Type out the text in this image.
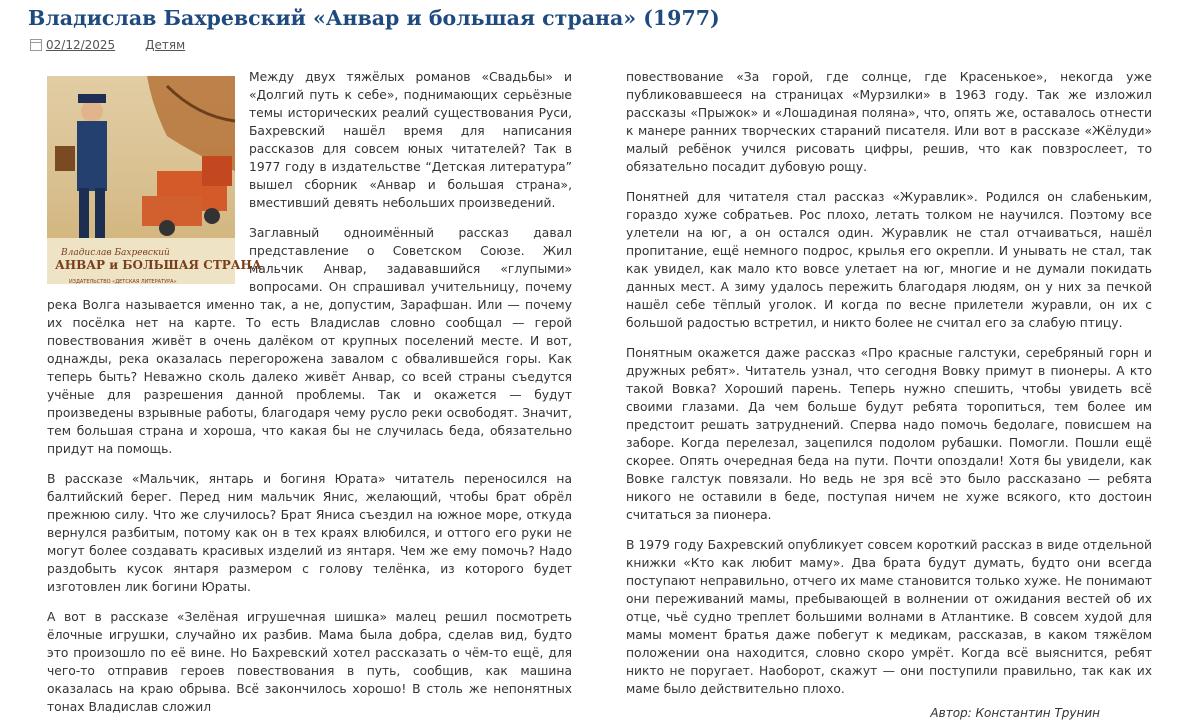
Владислав Бахревский «Анвар и большая страна» (1977)
02/12/2025	Детям
Владислав Бахревский
АНВАР и БОЛЬШАЯ СТРАНА
ИЗДАТЕЛЬСТВО «ДЕТСКАЯ ЛИТЕРАТУРА»

Между двух тяжёлых романов «Свадьбы» и «Долгий путь к себе», поднимающих серьёзные темы исторических реалий существования Руси, Бахревский нашёл время для написания рассказов для совсем юных читателей? Так в 1977 году в издательстве “Детская литература” вышел сборник «Анвар и большая страна», вместивший девять небольших произведений.

Заглавный одноимённый рассказ давал представление о Советском Союзе. Жил мальчик Анвар, задававшийся «глупыми» вопросами. Он спрашивал учительницу, почему река Волга называется именно так, а не, допустим, Зарафшан. Или — почему их посёлка нет на карте. То есть Владислав словно сообщал — герой повествования живёт в очень далёком от крупных поселений месте. И вот, однажды, река оказалась перегорожена завалом с обвалившейся горы. Как теперь быть? Неважно сколь далеко живёт Анвар, со всей страны съедутся учёные для разрешения данной проблемы. Так и окажется — будут произведены взрывные работы, благодаря чему русло реки освободят. Значит, тем большая страна и хороша, что какая бы не случилась беда, обязательно придут на помощь.

В рассказе «Мальчик, янтарь и богиня Юрата» читатель переносился на балтийский берег. Перед ним мальчик Янис, желающий, чтобы брат обрёл прежнюю силу. Что же случилось? Брат Яниса съездил на южное море, откуда вернулся разбитым, потому как он в тех краях влюбился, и оттого его руки не могут более создавать красивых изделий из янтаря. Чем же ему помочь? Надо раздобыть кусок янтаря размером с голову телёнка, из которого будет изготовлен лик богини Юраты.

А вот в рассказе «Зелёная игрушечная шишка» малец решил посмотреть ёлочные игрушки, случайно их разбив. Мама была добра, сделав вид, будто это произошло по её вине. Но Бахревский хотел рассказать о чём-то ещё, для чего-то отправив героев повествования в путь, сообщив, как машина оказалась на краю обрыва. Всё закончилось хорошо! В столь же непонятных тонах Владислав сложил

повествование «За горой, где солнце, где Красенькое», некогда уже публиковавшееся на страницах «Мурзилки» в 1963 году. Так же изложил рассказы «Прыжок» и «Лошадиная поляна», что, опять же, оставалось отнести к манере ранних творческих стараний писателя. Или вот в рассказе «Жёлуди» малый ребёнок учился рисовать цифры, решив, что как повзрослеет, то обязательно посадит дубовую рощу.

Понятней для читателя стал рассказ «Журавлик». Родился он слабеньким, гораздо хуже собратьев. Рос плохо, летать толком не научился. Поэтому все улетели на юг, а он остался один. Журавлик не стал отчаиваться, нашёл пропитание, ещё немного подрос, крылья его окрепли. И унывать не стал, так как увидел, как мало кто вовсе улетает на юг, многие и не думали покидать данных мест. А зиму удалось пережить благодаря людям, он у них за печкой нашёл себе тёплый уголок. И когда по весне прилетели журавли, он их с большой радостью встретил, и никто более не считал его за слабую птицу.

Понятным окажется даже рассказ «Про красные галстуки, серебряный горн и дружных ребят». Читатель узнал, что сегодня Вовку примут в пионеры. А кто такой Вовка? Хороший парень. Теперь нужно спешить, чтобы увидеть всё своими глазами. Да чем больше будут ребята торопиться, тем более им предстоит решать затруднений. Сперва надо помочь бедолаге, повисшем на заборе. Когда перелезал, зацепился подолом рубашки. Помогли. Пошли ещё скорее. Опять очередная беда на пути. Почти опоздали! Хотя бы увидели, как Вовке галстук повязали. Но ведь не зря всё это было рассказано — ребята никого не оставили в беде, поступая ничем не хуже всякого, кто достоин считаться за пионера.

В 1979 году Бахревский опубликует совсем короткий рассказ в виде отдельной книжки «Кто как любит маму». Два брата будут думать, будто они всегда поступают неправильно, отчего их маме становится только хуже. Не понимают они переживаний мамы, пребывающей в волнении от ожидания вестей об их отце, чьё судно треплет большими волнами в Атлантике. В совсем худой для мамы момент братья даже побегут к медикам, рассказав, в каком тяжёлом положении она находится, словно скоро умрёт. Когда всё выяснится, ребят никто не поругает. Наоборот, скажут — они поступили правильно, так как их маме было действительно плохо.

Автор: Константин Трунин
